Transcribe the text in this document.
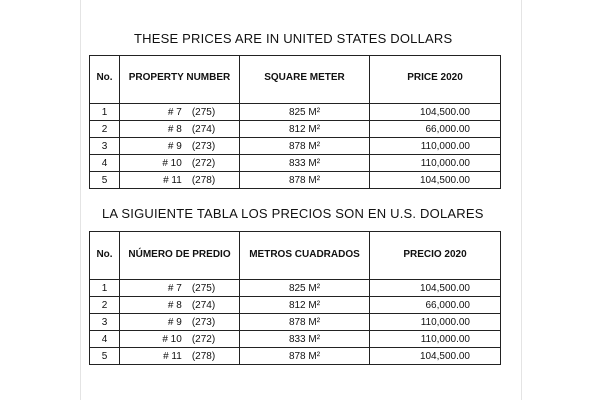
THESE PRICES ARE IN UNITED STATES DOLLARS
No.	PROPERTY NUMBER	SQUARE METER	PRICE 2020
1	# 7 (275)	825 M²	104,500.00
2	# 8 (274)	812 M²	66,000.00
3	# 9 (273)	878 M²	110,000.00
4	# 10 (272)	833 M²	110,000.00
5	# 11 (278)	878 M²	104,500.00
LA SIGUIENTE TABLA LOS PRECIOS SON EN U.S. DOLARES
No.	NÚMERO DE PREDIO	METROS CUADRADOS	PRECIO 2020
1	# 7 (275)	825 M²	104,500.00
2	# 8 (274)	812 M²	66,000.00
3	# 9 (273)	878 M²	110,000.00
4	# 10 (272)	833 M²	110,000.00
5	# 11 (278)	878 M²	104,500.00
